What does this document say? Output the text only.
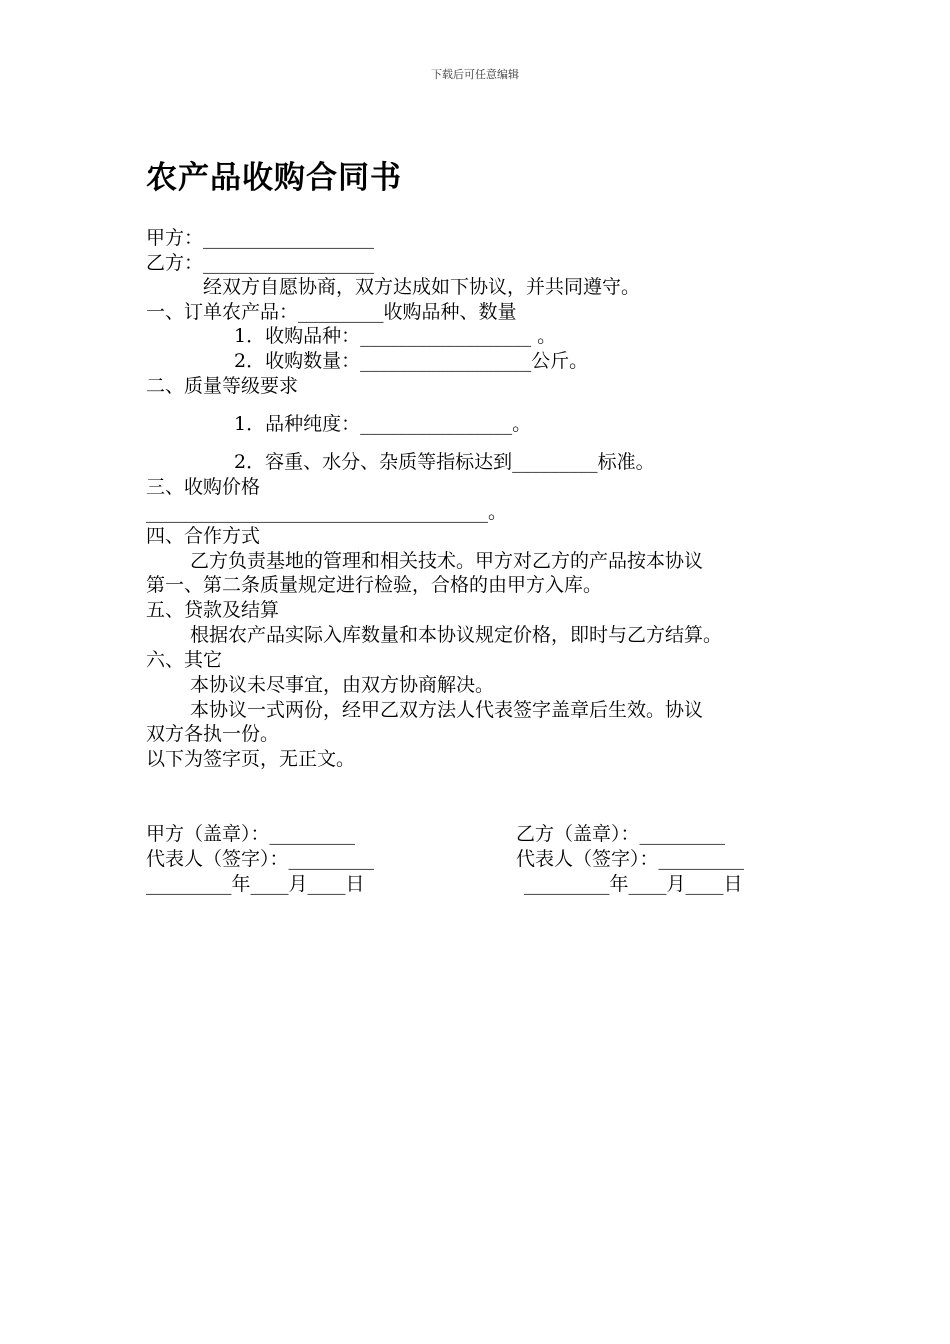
下载后可任意编辑
农产品收购合同书
甲方：__________________
乙方：__________________
经双方自愿协商，双方达成如下协议，并共同遵守。
一、订单农产品：_________收购品种、数量
1．收购品种：__________________ 。
2．收购数量：__________________公斤。
二、质量等级要求
1．品种纯度：________________。
2．容重、水分、杂质等指标达到_________标准。
三、收购价格
____________________________________。
四、合作方式
乙方负责基地的管理和相关技术。甲方对乙方的产品按本协议
第一、第二条质量规定进行检验，合格的由甲方入库。
五、贷款及结算
根据农产品实际入库数量和本协议规定价格，即时与乙方结算。
六、其它
本协议未尽事宜，由双方协商解决。
本协议一式两份，经甲乙双方法人代表签字盖章后生效。协议
双方各执一份。
以下为签字页，无正文。
甲方（盖章）：_________
代表人（签字）：_________
_________年____月____日
乙方（盖章）：_________
代表人（签字）：_________
_________年____月____日
